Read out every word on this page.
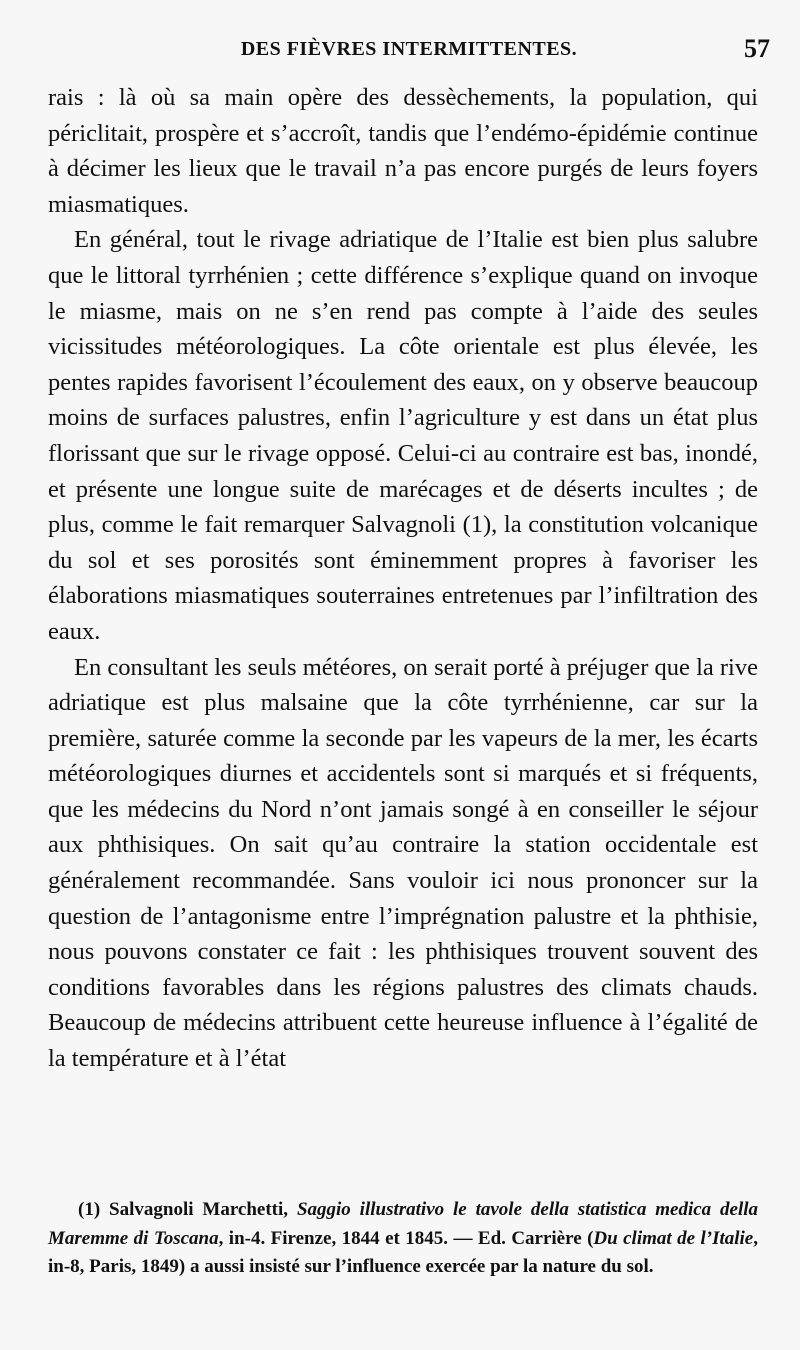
DES FIÈVRES INTERMITTENTES.	57

rais : là où sa main opère des dessèchements, la population, qui périclitait, prospère et s’accroît, tandis que l’endémo-épidémie continue à décimer les lieux que le travail n’a pas encore purgés de leurs foyers miasmatiques.

En général, tout le rivage adriatique de l’Italie est bien plus salubre que le littoral tyrrhénien ; cette différence s’explique quand on invoque le miasme, mais on ne s’en rend pas compte à l’aide des seules vicissitudes météorologiques. La côte orientale est plus élevée, les pentes rapides favorisent l’écoulement des eaux, on y observe beaucoup moins de surfaces palustres, enfin l’agriculture y est dans un état plus florissant que sur le rivage opposé. Celui-ci au contraire est bas, inondé, et présente une longue suite de marécages et de déserts incultes ; de plus, comme le fait remarquer Salvagnoli (1), la constitution volcanique du sol et ses porosités sont éminemment propres à favoriser les élaborations miasmatiques souterraines entretenues par l’infiltration des eaux.

En consultant les seuls météores, on serait porté à préjuger que la rive adriatique est plus malsaine que la côte tyrrhénienne, car sur la première, saturée comme la seconde par les vapeurs de la mer, les écarts météorologiques diurnes et accidentels sont si marqués et si fréquents, que les médecins du Nord n’ont jamais songé à en conseiller le séjour aux phthisiques. On sait qu’au contraire la station occidentale est généralement recommandée. Sans vouloir ici nous prononcer sur la question de l’antagonisme entre l’imprégnation palustre et la phthisie, nous pouvons constater ce fait : les phthisiques trouvent souvent des conditions favorables dans les régions palustres des climats chauds. Beaucoup de médecins attribuent cette heureuse influence à l’égalité de la température et à l’état

(1) Salvagnoli Marchetti, Saggio illustrativo le tavole della statistica medica della Maremme di Toscana, in-4. Firenze, 1844 et 1845. — Ed. Carrière (Du climat de l’Italie, in-8, Paris, 1849) a aussi insisté sur l’influence exercée par la nature du sol.
